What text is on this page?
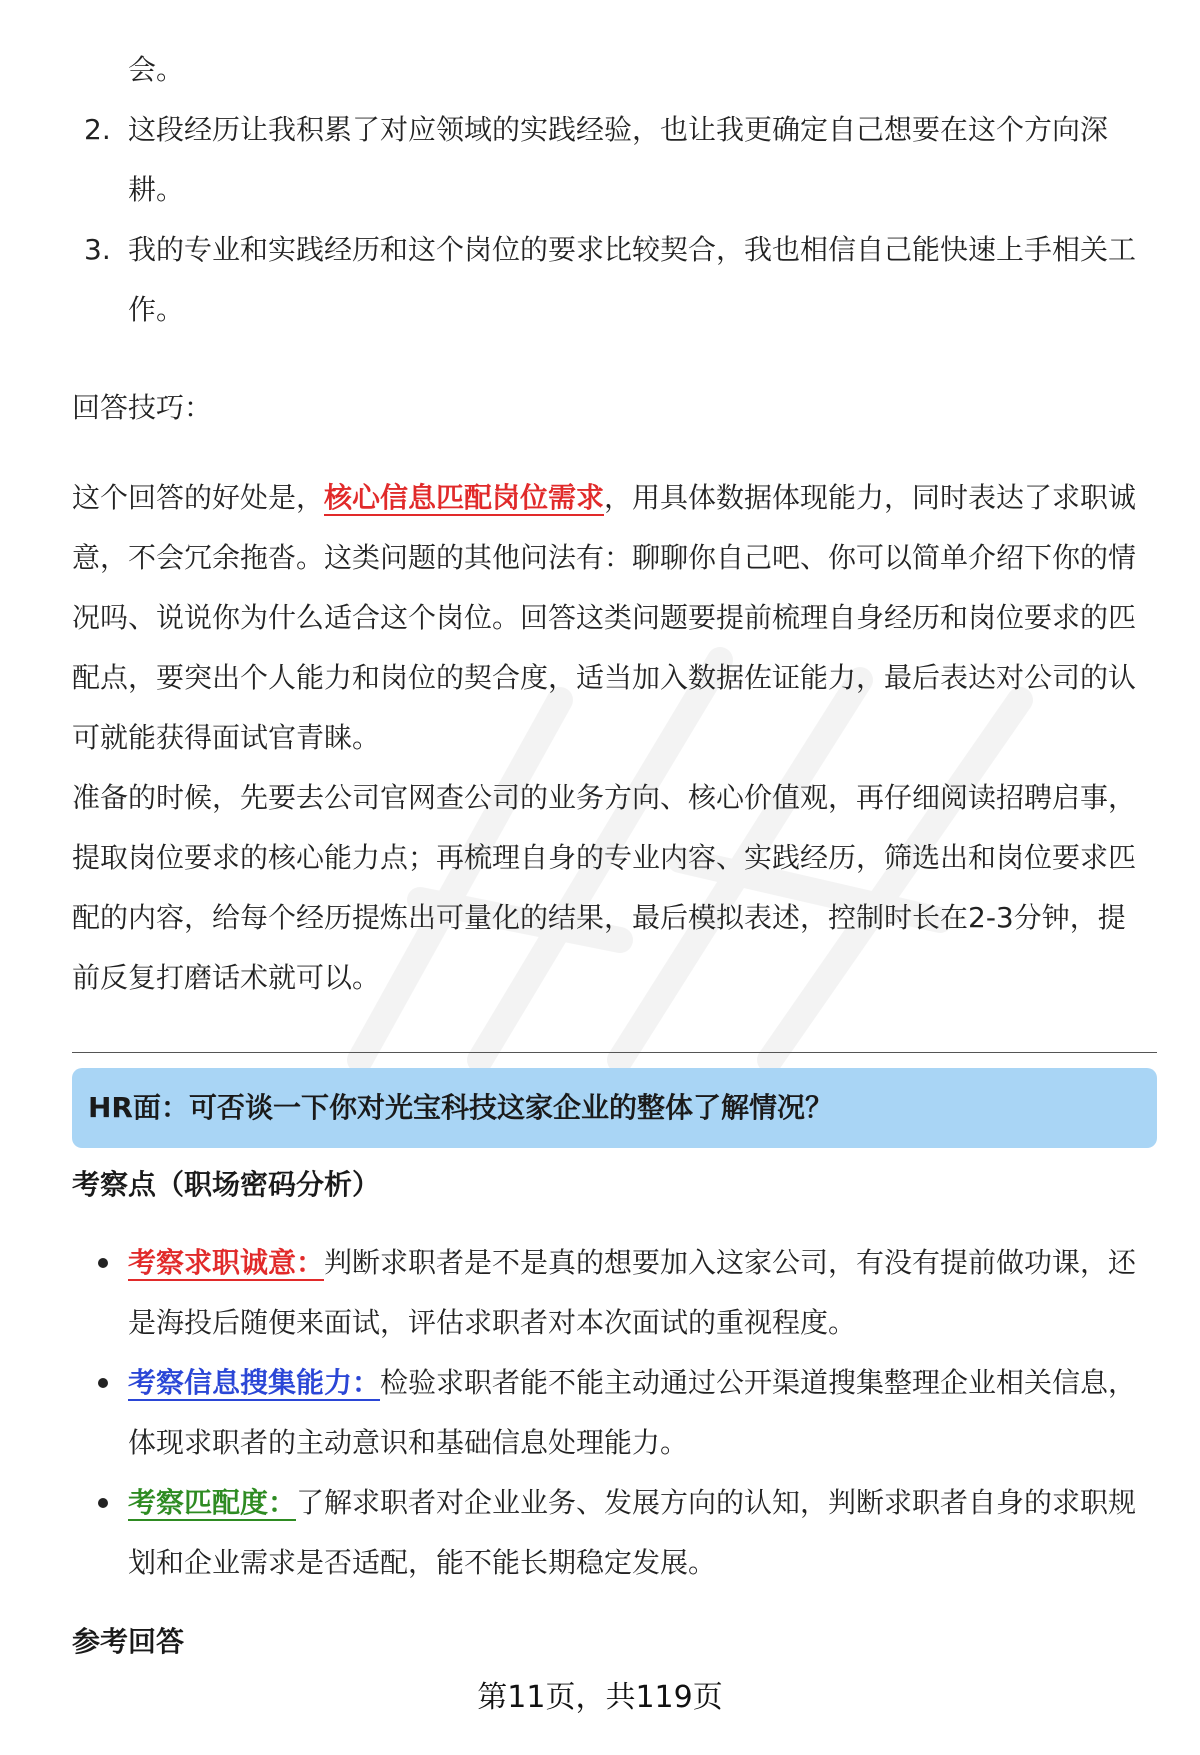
会。
2. 这段经历让我积累了对应领域的实践经验，也让我更确定自己想要在这个方向深耕。
3. 我的专业和实践经历和这个岗位的要求比较契合，我也相信自己能快速上手相关工作。
回答技巧：
这个回答的好处是，核心信息匹配岗位需求，用具体数据体现能力，同时表达了求职诚意，不会冗余拖沓。这类问题的其他问法有：聊聊你自己吧、你可以简单介绍下你的情况吗、说说你为什么适合这个岗位。回答这类问题要提前梳理自身经历和岗位要求的匹配点，要突出个人能力和岗位的契合度，适当加入数据佐证能力，最后表达对公司的认可就能获得面试官青睐。
准备的时候，先要去公司官网查公司的业务方向、核心价值观，再仔细阅读招聘启事，提取岗位要求的核心能力点；再梳理自身的专业内容、实践经历，筛选出和岗位要求匹配的内容，给每个经历提炼出可量化的结果，最后模拟表述，控制时长在2-3分钟，提前反复打磨话术就可以。
HR面：可否谈一下你对光宝科技这家企业的整体了解情况？
考察点（职场密码分析）
考察求职诚意：判断求职者是不是真的想要加入这家公司，有没有提前做功课，还是海投后随便来面试，评估求职者对本次面试的重视程度。
考察信息搜集能力：检验求职者能不能主动通过公开渠道搜集整理企业相关信息，体现求职者的主动意识和基础信息处理能力。
考察匹配度：了解求职者对企业业务、发展方向的认知，判断求职者自身的求职规划和企业需求是否适配，能不能长期稳定发展。
参考回答
第11页，共119页
